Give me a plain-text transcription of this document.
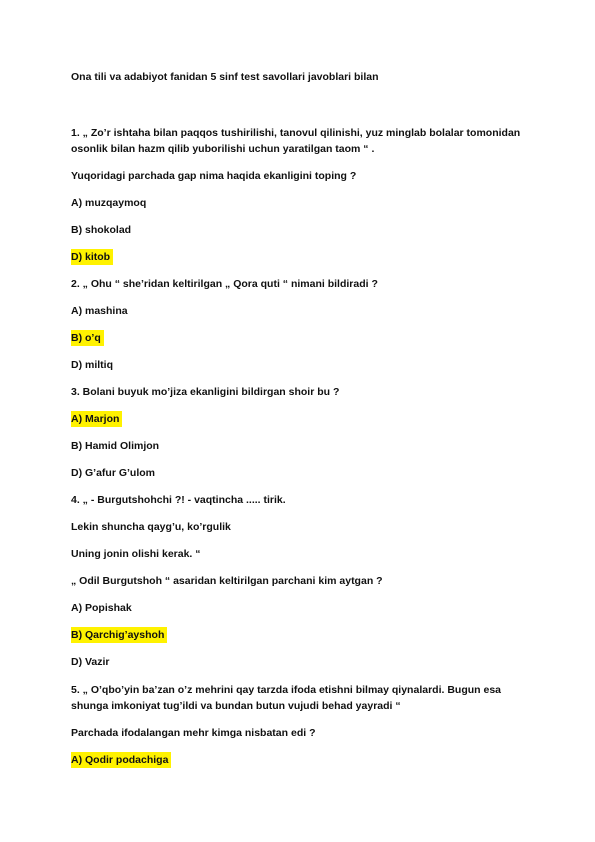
Ona tili va adabiyot fanidan 5 sinf test savollari javoblari bilan
1. „ Zo’r ishtaha bilan paqqos tushirilishi, tanovul qilinishi, yuz minglab bolalar tomonidan osonlik bilan hazm qilib yuborilishi uchun yaratilgan taom “ .
Yuqoridagi parchada gap nima haqida ekanligini toping ?
A) muzqaymoq
B) shokolad
D) kitob
2. „ Ohu “ she’ridan keltirilgan „ Qora quti “ nimani bildiradi ?
A) mashina
B) o’q
D) miltiq
3. Bolani buyuk mo’jiza ekanligini bildirgan shoir bu ?
A) Marjon
B) Hamid Olimjon
D) G’afur G’ulom
4. „ - Burgutshohchi ?! - vaqtincha ..... tirik.
Lekin shuncha qayg’u, ko’rgulik
Uning jonin olishi kerak. “
„ Odil Burgutshoh “ asaridan keltirilgan parchani kim aytgan ?
A) Popishak
B) Qarchig’ayshoh
D) Vazir
5. „ O’qbo’yin ba’zan o’z mehrini qay tarzda ifoda etishni bilmay qiynalardi. Bugun esa shunga imkoniyat tug’ildi va bundan butun vujudi behad yayradi “
Parchada ifodalangan mehr kimga nisbatan edi ?
A) Qodir podachiga
